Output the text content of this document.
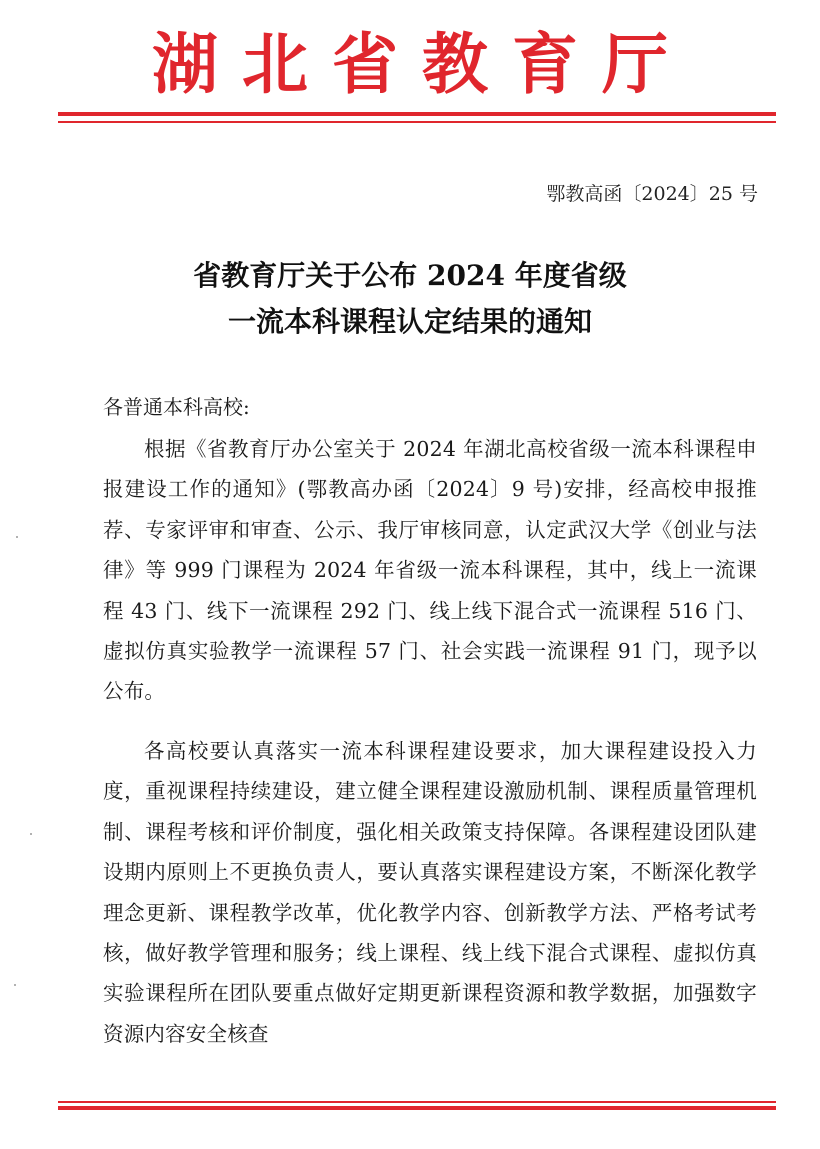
湖北省教育厅
鄂教高函〔2024〕25 号
省教育厅关于公布 2024 年度省级
一流本科课程认定结果的通知
各普通本科高校:
根据《省教育厅办公室关于 2024 年湖北高校省级一流本科课程申报建设工作的通知》(鄂教高办函〔2024〕9 号)安排，经高校申报推荐、专家评审和审查、公示、我厅审核同意，认定武汉大学《创业与法律》等 999 门课程为 2024 年省级一流本科课程，其中，线上一流课程 43 门、线下一流课程 292 门、线上线下混合式一流课程 516 门、虚拟仿真实验教学一流课程 57 门、社会实践一流课程 91 门，现予以公布。
各高校要认真落实一流本科课程建设要求，加大课程建设投入力度，重视课程持续建设，建立健全课程建设激励机制、课程质量管理机制、课程考核和评价制度，强化相关政策支持保障。各课程建设团队建设期内原则上不更换负责人，要认真落实课程建设方案，不断深化教学理念更新、课程教学改革，优化教学内容、创新教学方法、严格考试考核，做好教学管理和服务；线上课程、线上线下混合式课程、虚拟仿真实验课程所在团队要重点做好定期更新课程资源和教学数据，加强数字资源内容安全核查
